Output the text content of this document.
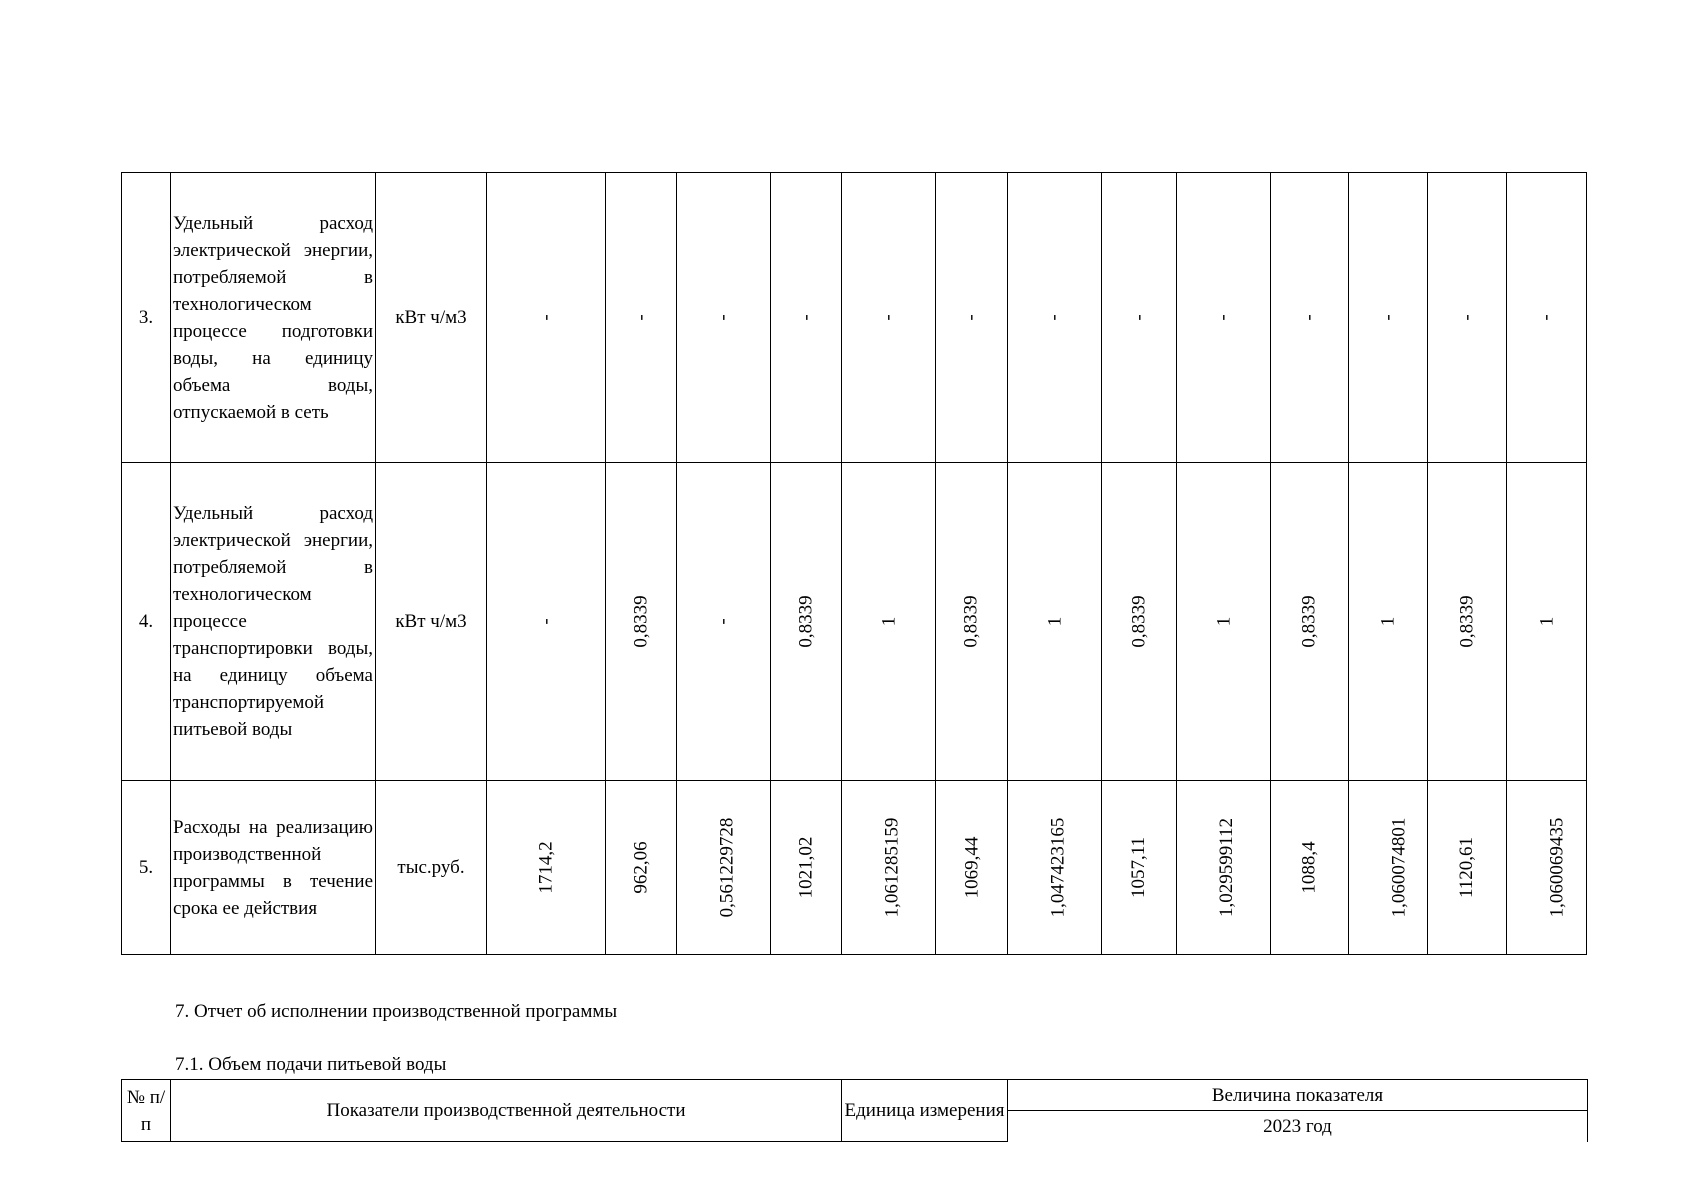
3.	Удельный расход электрической энергии, потребляемой в технологическом процессе подготовки воды, на единицу объема воды, отпускаемой в сеть	кВт ч/м3	-	-	-	-	-	-	-	-	-	-	-	-	-
4.	Удельный расход электрической энергии, потребляемой в технологическом процессе транспортировки воды, на единицу объема транспортируемой питьевой воды	кВт ч/м3	-	0,8339	-	0,8339	1	0,8339	1	0,8339	1	0,8339	1	0,8339	1
5.	Расходы на реализацию производственной программы в течение срока ее действия	тыс.руб.	1714,2	962,06	0,561229728	1021,02	1,061285159	1069,44	1,047423165	1057,11	1,029599112	1088,4	1,060074801	1120,61	1,060069435
7. Отчет об исполнении производственной программы
7.1. Объем подачи питьевой воды
№ п/п	Показатели производственной деятельности	Единица измерения	Величина показателя
2023 год
